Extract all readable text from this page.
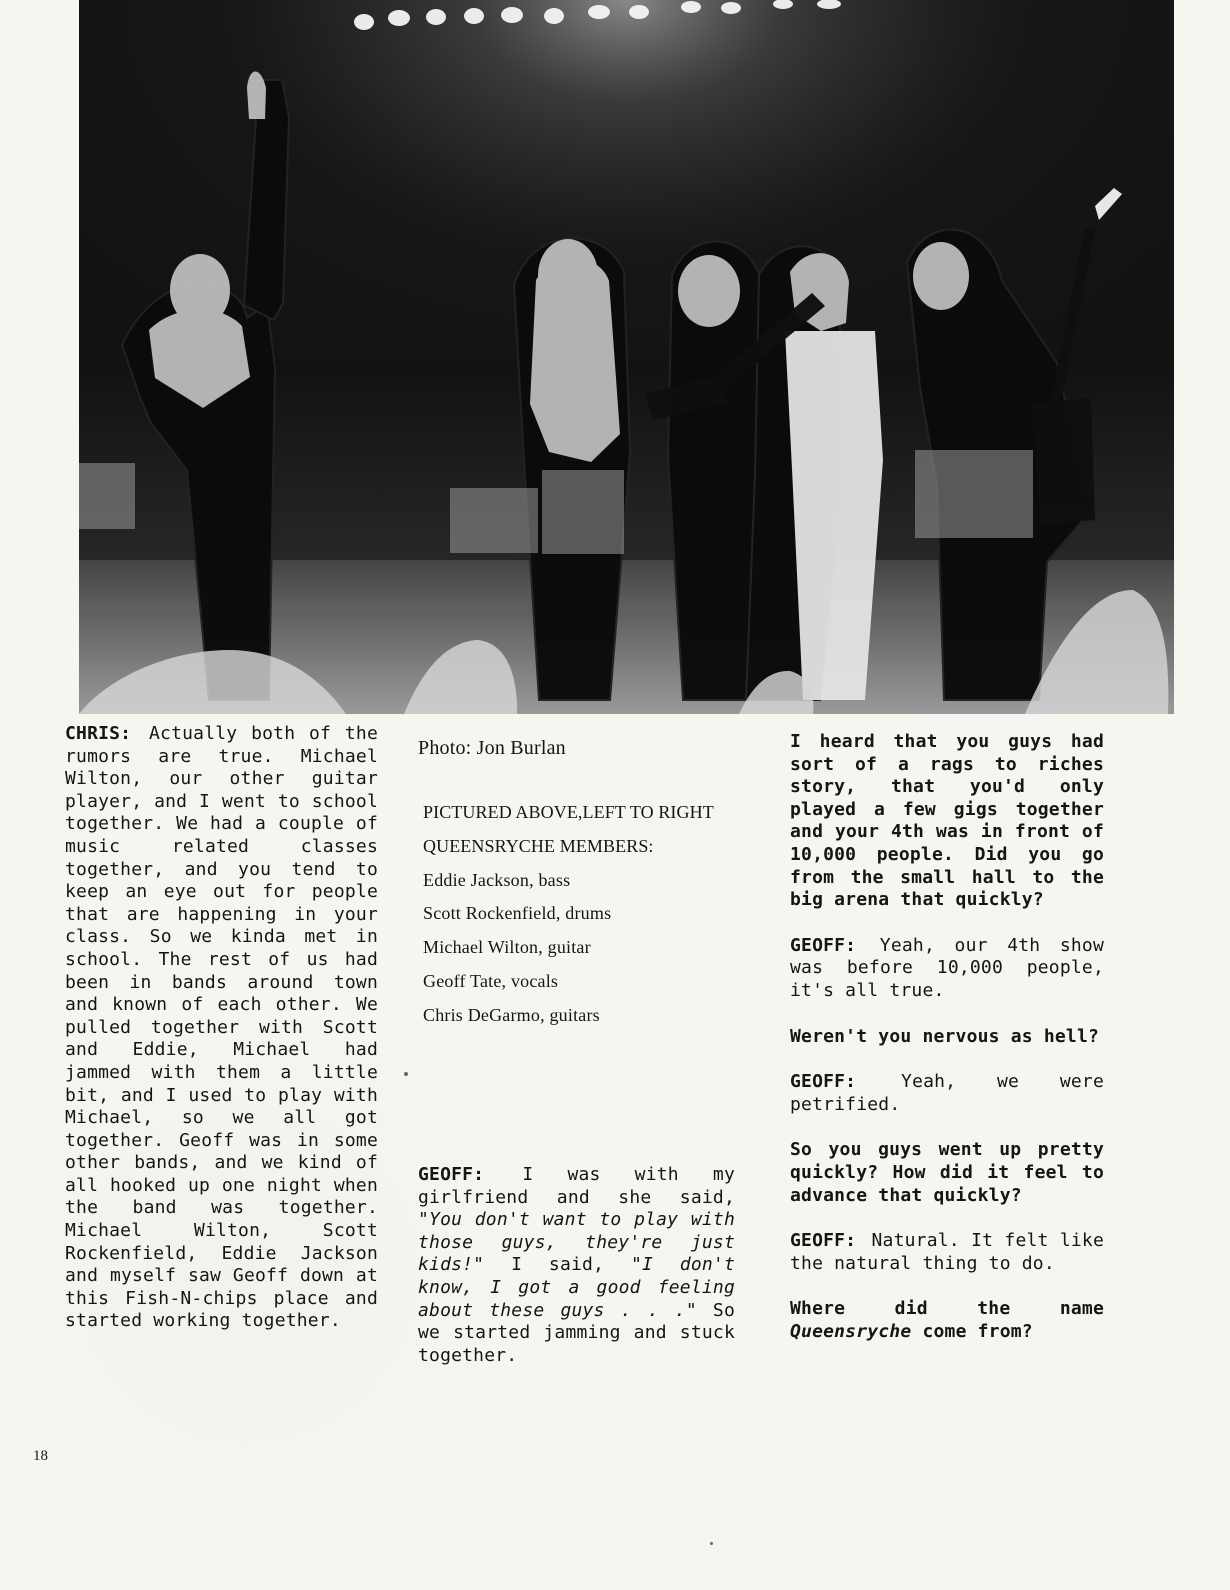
CHRIS: Actually both of the rumors are true. Michael Wilton, our other guitar player, and I went to school together. We had a couple of music related classes together, and you tend to keep an eye out for people that are happening in your class. So we kinda met in school. The rest of us had been in bands around town and known of each other. We pulled together with Scott and Eddie, Michael had jammed with them a little bit, and I used to play with Michael, so we all got together. Geoff was in some other bands, and we kind of all hooked up one night when the band was together. Michael Wilton, Scott Rockenfield, Eddie Jackson and myself saw Geoff down at this Fish-N-chips place and started working together.

Photo: Jon Burlan
PICTURED ABOVE,LEFT TO RIGHT
QUEENSRYCHE MEMBERS:
Eddie Jackson, bass
Scott Rockenfield, drums
Michael Wilton, guitar
Geoff Tate, vocals
Chris DeGarmo, guitars

GEOFF: I was with my girlfriend and she said, "You don't want to play with those guys, they're just kids!" I said, "I don't know, I got a good feeling about these guys . . ." So we started jamming and stuck together.

I heard that you guys had sort of a rags to riches story, that you'd only played a few gigs together and your 4th was in front of 10,000 people. Did you go from the small hall to the big arena that quickly?

GEOFF: Yeah, our 4th show was before 10,000 people, it's all true.

Weren't you nervous as hell?

GEOFF: Yeah, we were petrified.

So you guys went up pretty quickly? How did it feel to advance that quickly?

GEOFF: Natural. It felt like the natural thing to do.

Where did the name Queensryche come from?

18
